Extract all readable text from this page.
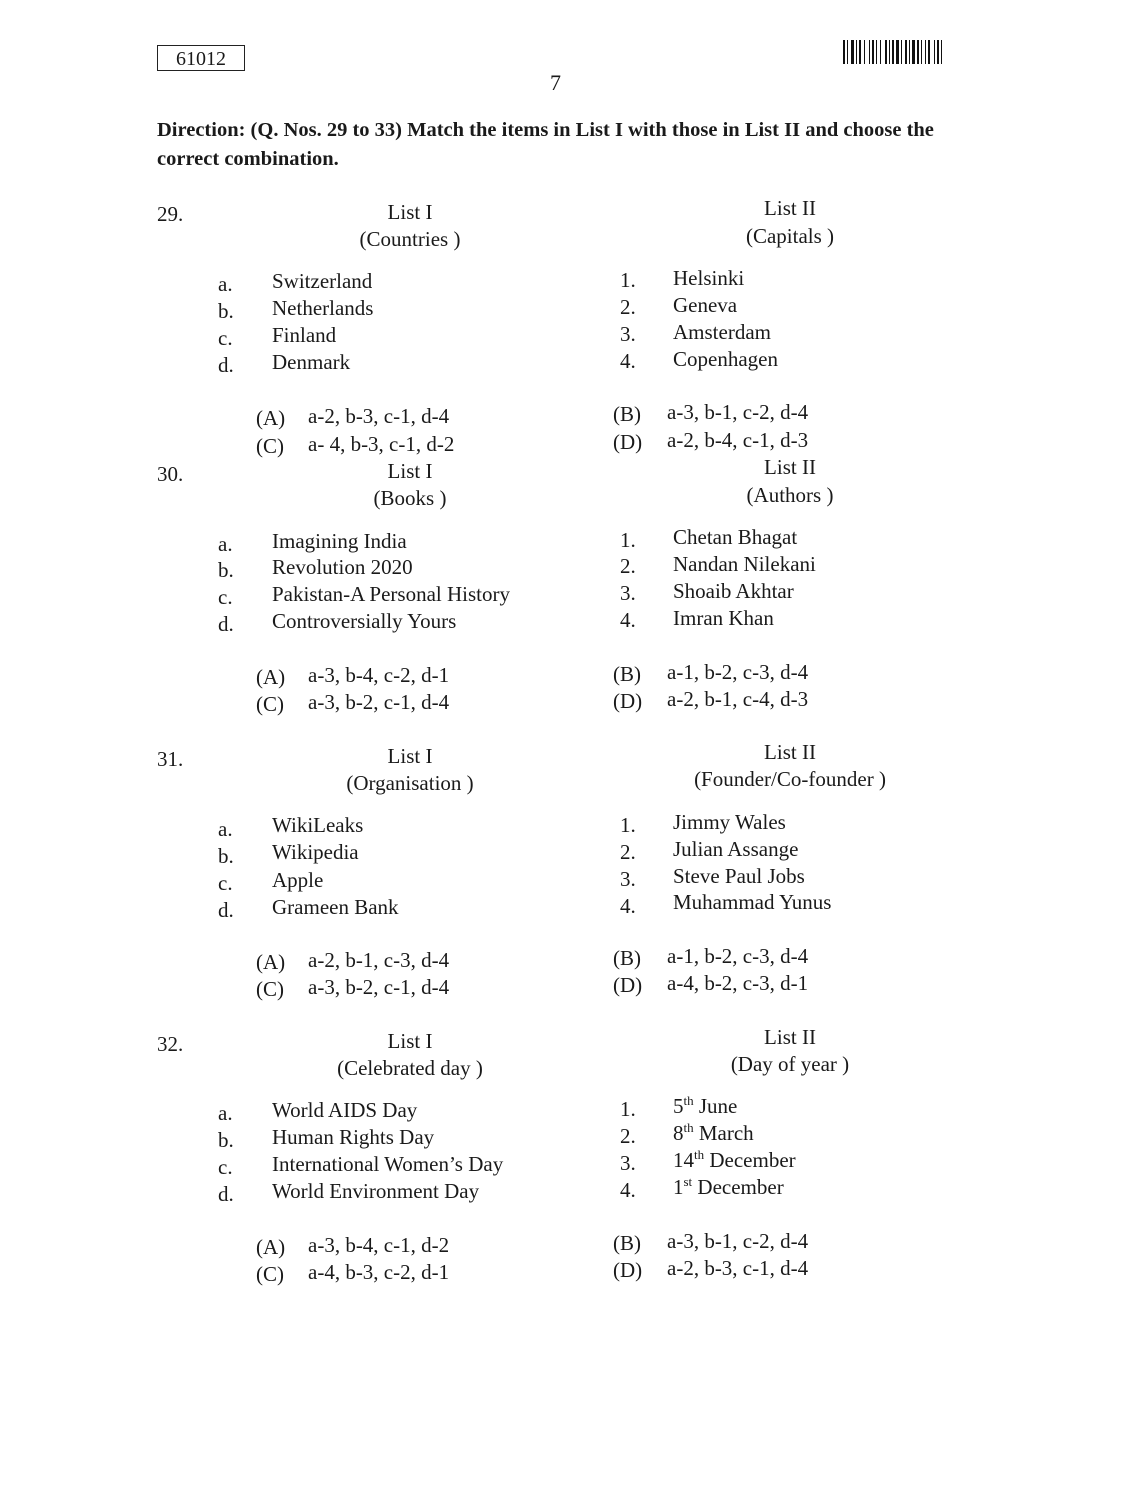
61012
7
Direction: (Q. Nos. 29 to 33) Match the items in List I with those in List II and choose the correct combination.
29.	List I
(Countries )
List II
(Capitals )
a. Switzerland
b. Netherlands
c. Finland
d. Denmark
1. Helsinki
2. Geneva
3. Amsterdam
4. Copenhagen
(A) a-2, b-3, c-1, d-4	(B) a-3, b-1, c-2, d-4
(C) a- 4, b-3, c-1, d-2	(D) a-2, b-4, c-1, d-3
30.	List I
(Books )
List II
(Authors )
a. Imagining India
b. Revolution 2020
c. Pakistan-A Personal History
d. Controversially Yours
1. Chetan Bhagat
2. Nandan Nilekani
3. Shoaib Akhtar
4. Imran Khan
(A) a-3, b-4, c-2, d-1	(B) a-1, b-2, c-3, d-4
(C) a-3, b-2, c-1, d-4	(D) a-2, b-1, c-4, d-3
31.	List I
(Organisation )
List II
(Founder/Co-founder )
a. WikiLeaks
b. Wikipedia
c. Apple
d. Grameen Bank
1. Jimmy Wales
2. Julian Assange
3. Steve Paul Jobs
4. Muhammad Yunus
(A) a-2, b-1, c-3, d-4	(B) a-1, b-2, c-3, d-4
(C) a-3, b-2, c-1, d-4	(D) a-4, b-2, c-3, d-1
32.	List I
(Celebrated day )
List II
(Day of year )
a. World AIDS Day
b. Human Rights Day
c. International Women’s Day
d. World Environment Day
1. 5th June
2. 8th March
3. 14th December
4. 1st December
(A) a-3, b-4, c-1, d-2	(B) a-3, b-1, c-2, d-4
(C) a-4, b-3, c-2, d-1	(D) a-2, b-3, c-1, d-4
